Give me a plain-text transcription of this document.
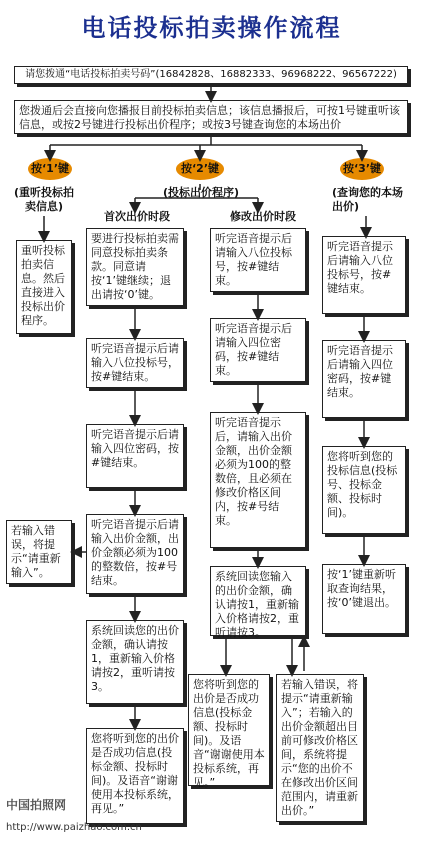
电话投标拍卖操作流程
请您拨通“电话投标拍卖号码”(16842828、16882333、96968222、96567222)
您拨通后会直接向您播报目前投标拍卖信息；该信息播报后，可按1号键重听该信息，或按2号键进行投标出价程序；或按3号键查询您的本场出价
按‘1’键	按‘2’键	按‘3’键
(重听投标拍卖信息)
(投标出价程序)	(查询您的本场出价)
首次出价时段	修改出价时段
重听投标拍卖信息。然后直接进入投标出价程序。
要进行投标拍卖需同意投标拍卖条款。同意请按‘1’键继续；退出请按‘0’键。
听完语音提示后请输入八位投标号，按#键结束。
听完语音提示后请输入四位密码，按#键结束。
听完语音提示后请输入出价金额，出价金额必须为100的整数倍，按#号结束。
系统回读您的出价金额，确认请按1，重新输入价格请按2，重听请按3。
您将听到您的出价是否成功信息(投标金额、投标时间)。及语音“谢谢使用本投标系统，再见。”
若输入错误，将提示“请重新输入”。
听完语音提示后请输入八位投标号，按#键结束。
听完语音提示后请输入四位密码，按#键结束。
听完语音提示后，请输入出价金额，出价金额必须为100的整数倍，且必须在修改价格区间内，按#号结束。
系统回读您输入的出价金额，确认请按1，重新输入价格请按2，重听请按3。
您将听到您的出价是否成功信息(投标金额、投标时间)。及语音“谢谢使用本投标系统，再见。”
若输入错误，将提示“请重新输入”；若输入的出价金额超出目前可修改价格区间，系统将提示“您的出价不在修改出价区间范围内，请重新出价。”
听完语音提示后请输入八位投标号，按#键结束。
听完语音提示后请输入四位密码，按#键结束。
您将听到您的投标信息(投标号、投标金额、投标时间)。
按‘1’键重新听取查询结果，按‘0’键退出。
中国拍照网
http://www.paizhao.com.cn
